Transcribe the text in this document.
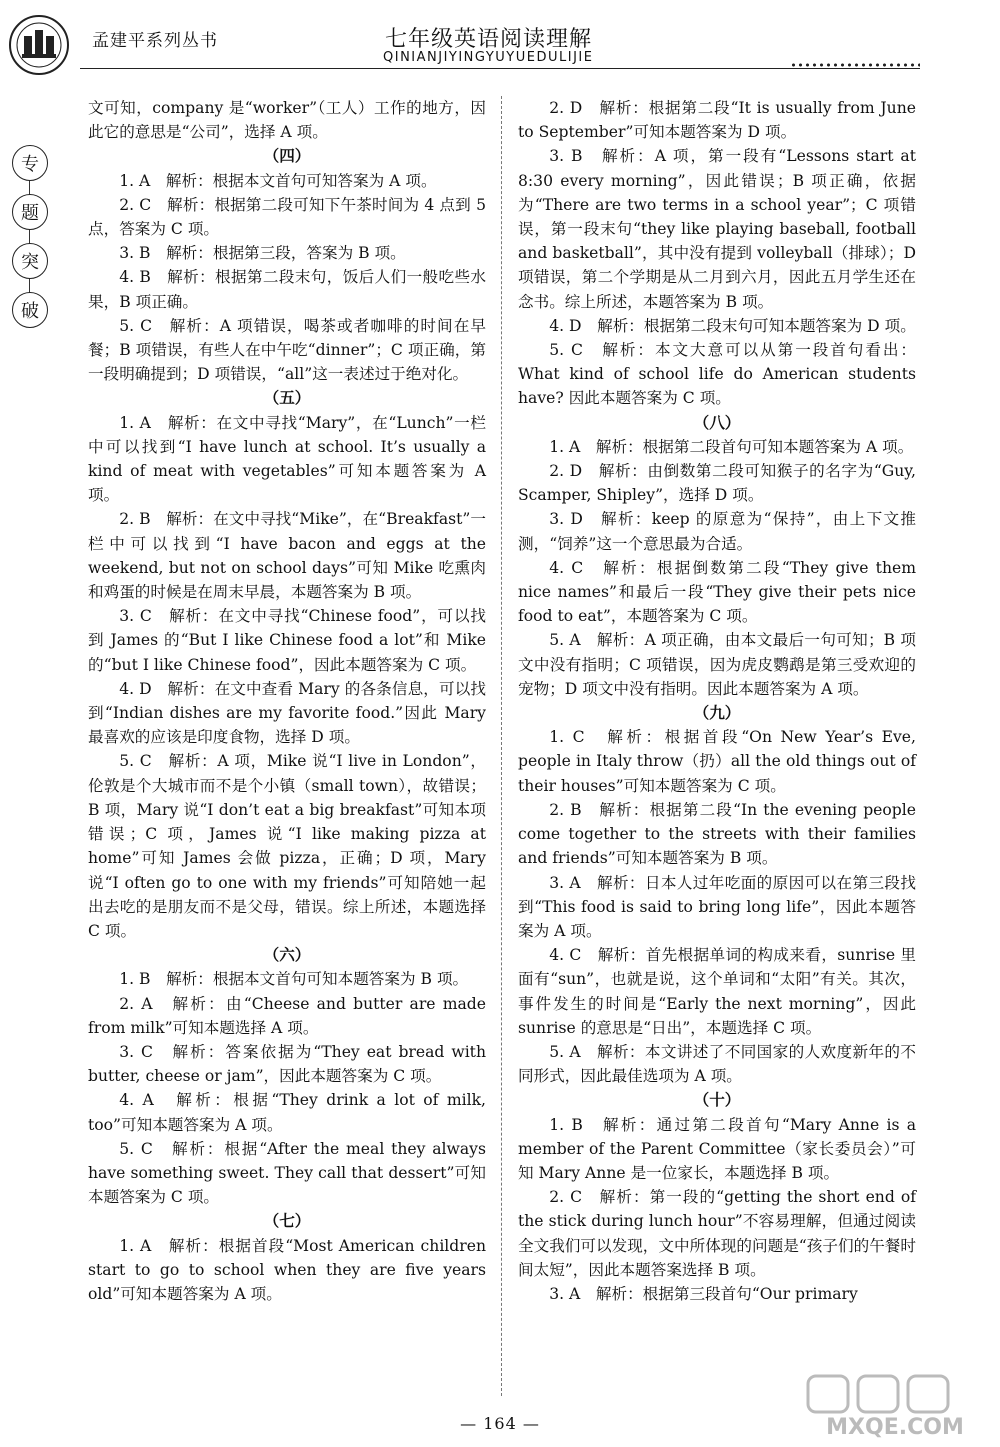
孟建平系列丛书	七年级英语阅读理解
QINIANJIYINGYUYUEDULIJIE
专
题
突
破
文可知，company 是“worker”（工人）工作的地方，因此它的意思是“公司”，选择 A 项。
（四）
1. A　解析：根据本文首句可知答案为 A 项。
2. C　解析：根据第二段可知下午茶时间为 4 点到 5 点，答案为 C 项。
3. B　解析：根据第三段，答案为 B 项。
4. B　解析：根据第二段末句，饭后人们一般吃些水果，B 项正确。
5. C　解析：A 项错误，喝茶或者咖啡的时间在早餐；B 项错误，有些人在中午吃“dinner”；C 项正确，第一段明确提到；D 项错误，“all”这一表述过于绝对化。
（五）
1. A　解析：在文中寻找“Mary”，在“Lunch”一栏中可以找到“I have lunch at school. It’s usually a kind of meat with vegetables”可知本题答案为 A 项。
2. B　解析：在文中寻找“Mike”，在“Breakfast”一栏中可以找到“I have bacon and eggs at the weekend, but not on school days”可知 Mike 吃熏肉和鸡蛋的时候是在周末早晨，本题答案为 B 项。
3. C　解析：在文中寻找“Chinese food”，可以找到 James 的“But I like Chinese food a lot”和 Mike 的“but I like Chinese food”，因此本题答案为 C 项。
4. D　解析：在文中查看 Mary 的各条信息，可以找到“Indian dishes are my favorite food.”因此 Mary 最喜欢的应该是印度食物，选择 D 项。
5. C　解析：A 项，Mike 说“I live in London”，伦敦是个大城市而不是个小镇（small town），故错误；B 项，Mary 说“I don’t eat a big breakfast”可知本项错误；C 项，James 说“I like making pizza at home”可知 James 会做 pizza，正确；D 项，Mary 说“I often go to one with my friends”可知陪她一起出去吃的是朋友而不是父母，错误。综上所述，本题选择 C 项。
（六）
1. B　解析：根据本文首句可知本题答案为 B 项。
2. A　解析：由“Cheese and butter are made from milk”可知本题选择 A 项。
3. C　解析：答案依据为“They eat bread with butter, cheese or jam”，因此本题答案为 C 项。
4. A　解析：根据“They drink a lot of milk, too”可知本题答案为 A 项。
5. C　解析：根据“After the meal they always have something sweet. They call that dessert”可知本题答案为 C 项。
（七）
1. A　解析：根据首段“Most American children start to go to school when they are five years old”可知本题答案为 A 项。
2. D　解析：根据第二段“It is usually from June to September”可知本题答案为 D 项。
3. B　解析：A 项，第一段有“Lessons start at 8:30 every morning”，因此错误；B 项正确，依据为“There are two terms in a school year”；C 项错误，第一段末句“they like playing baseball, football and basketball”，其中没有提到 volleyball（排球）；D 项错误，第二个学期是从二月到六月，因此五月学生还在念书。综上所述，本题答案为 B 项。
4. D　解析：根据第二段末句可知本题答案为 D 项。
5. C　解析：本文大意可以从第一段首句看出：What kind of school life do American students have? 因此本题答案为 C 项。
（八）
1. A　解析：根据第二段首句可知本题答案为 A 项。
2. D　解析：由倒数第二段可知猴子的名字为“Guy, Scamper, Shipley”，选择 D 项。
3. D　解析：keep 的原意为“保持”，由上下文推测，“饲养”这一个意思最为合适。
4. C　解析：根据倒数第二段“They give them nice names”和最后一段“They give their pets nice food to eat”，本题答案为 C 项。
5. A　解析：A 项正确，由本文最后一句可知；B 项文中没有指明；C 项错误，因为虎皮鹦鹉是第三受欢迎的宠物；D 项文中没有指明。因此本题答案为 A 项。
（九）
1. C　解析：根据首段“On New Year’s Eve, people in Italy throw（扔）all the old things out of their houses”可知本题答案为 C 项。
2. B　解析：根据第二段“In the evening people come together to the streets with their families and friends”可知本题答案为 B 项。
3. A　解析：日本人过年吃面的原因可以在第三段找到“This food is said to bring long life”，因此本题答案为 A 项。
4. C　解析：首先根据单词的构成来看，sunrise 里面有“sun”，也就是说，这个单词和“太阳”有关。其次，事件发生的时间是“Early the next morning”，因此 sunrise 的意思是“日出”，本题选择 C 项。
5. A　解析：本文讲述了不同国家的人欢度新年的不同形式，因此最佳选项为 A 项。
（十）
1. B　解析：通过第二段首句“Mary Anne is a member of the Parent Committee（家长委员会）”可知 Mary Anne 是一位家长，本题选择 B 项。
2. C　解析：第一段的“getting the short end of the stick during lunch hour”不容易理解，但通过阅读全文我们可以发现，文中所体现的问题是“孩子们的午餐时间太短”，因此本题答案选择 B 项。
3. A　解析：根据第三段首句“Our primary
MXQE.COM
— 164 —
